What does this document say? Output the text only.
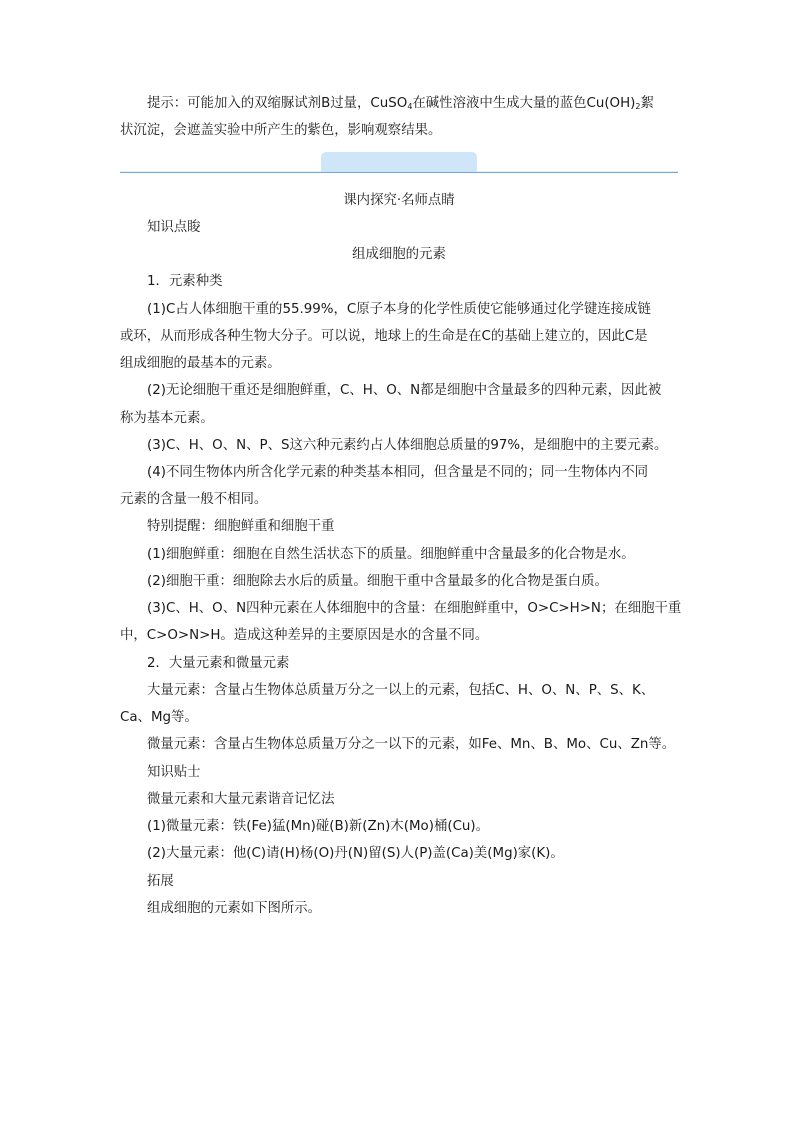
提示：可能加入的双缩脲试剂B过量，CuSO$_4$在碱性溶液中生成大量的蓝色$Cu(OH)_2$絮
状沉淀，会遮盖实验中所产生的紫色，影响观察结果。
课内探究·名师点睛
知识点睃
组成细胞的元素
1．元素种类
(1)C占人体细胞干重的55.99%，C原子本身的化学性质使它能够通过化学键连接成链
或环，从而形成各种生物大分子。可以说，地球上的生命是在C的基础上建立的，因此C是
组成细胞的最基本的元素。
(2)无论细胞干重还是细胞鲜重，C、H、O、N都是细胞中含量最多的四种元素，因此被
称为基本元素。
(3)C、H、O、N、P、S这六种元素约占人体细胞总质量的97%，是细胞中的主要元素。
(4)不同生物体内所含化学元素的种类基本相同，但含量是不同的；同一生物体内不同
元素的含量一般不相同。
特别提醒：细胞鲜重和细胞干重
(1)细胞鲜重：细胞在自然生活状态下的质量。细胞鲜重中含量最多的化合物是水。
(2)细胞干重：细胞除去水后的质量。细胞干重中含量最多的化合物是蛋白质。
(3)C、H、O、N四种元素在人体细胞中的含量：在细胞鲜重中，O>C>H>N；在细胞干重
中，C>O>N>H。造成这种差异的主要原因是水的含量不同。
2．大量元素和微量元素
大量元素：含量占生物体总质量万分之一以上的元素，包括C、H、O、N、P、S、K、
Ca、Mg等。
微量元素：含量占生物体总质量万分之一以下的元素，如Fe、Mn、B、Mo、Cu、Zn等。
知识贴士
微量元素和大量元素谐音记忆法
(1)微量元素：铁(Fe)猛(Mn)碰(B)新(Zn)木(Mo)桶(Cu)。
(2)大量元素：他(C)请(H)杨(O)丹(N)留(S)人(P)盖(Ca)美(Mg)家(K)。
拓展
组成细胞的元素如下图所示。
